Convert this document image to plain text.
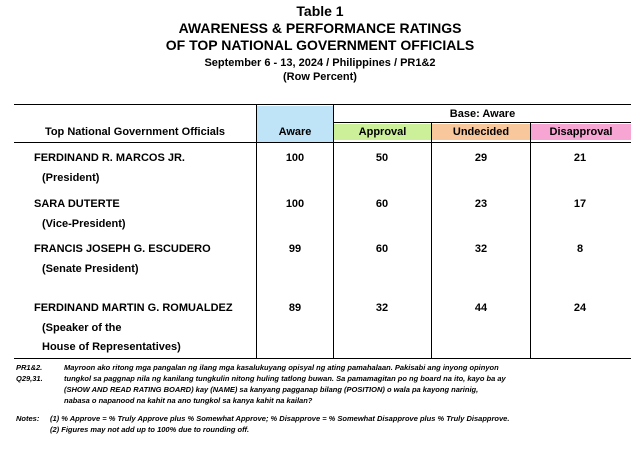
Table 1
AWARENESS & PERFORMANCE RATINGS
OF TOP NATIONAL GOVERNMENT OFFICIALS
September 6 - 13, 2024 / Philippines / PR1&2
(Row Percent)
Base: Aware
Top National Government Officials	Aware	Approval	Undecided	Disapproval
FERDINAND R. MARCOS JR.
(President)
100	50	29	21
SARA DUTERTE
(Vice-President)
100	60	23	17
FRANCIS JOSEPH G. ESCUDERO
(Senate President)
99	60	32	8
FERDINAND MARTIN G. ROMUALDEZ
(Speaker of the
House of Representatives)
89	32	44	24
PR1&2.	Mayroon ako ritong mga pangalan ng ilang mga kasalukuyang opisyal ng ating pamahalaan. Pakisabi ang inyong opinyon
Q29,31.	tungkol sa paggnap nila ng kanilang tungkulin nitong huling tatlong buwan. Sa pamamagitan po ng board na ito, kayo ba ay
(SHOW AND READ RATING BOARD) kay (NAME) sa kanyang pagganap bilang (POSITION) o wala pa kayong narinig,
nabasa o napanood na kahit na ano tungkol sa kanya kahit na kailan?
Notes:	(1) % Approve = % Truly Approve plus % Somewhat Approve; % Disapprove = % Somewhat Disapprove plus % Truly Disapprove.
(2) Figures may not add up to 100% due to rounding off.
